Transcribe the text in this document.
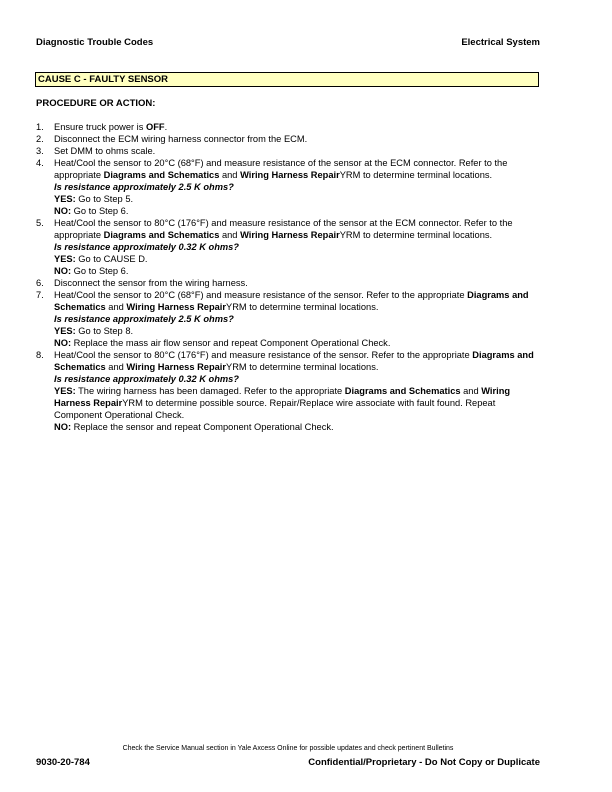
Diagnostic Trouble Codes	Electrical System
CAUSE C - FAULTY SENSOR
PROCEDURE OR ACTION:
1. Ensure truck power is OFF.
2. Disconnect the ECM wiring harness connector from the ECM.
3. Set DMM to ohms scale.
4. Heat/Cool the sensor to 20°C (68°F) and measure resistance of the sensor at the ECM connector. Refer to the appropriate Diagrams and Schematics and Wiring Harness RepairYRM to determine terminal locations.
Is resistance approximately 2.5 K ohms?
YES: Go to Step 5.
NO: Go to Step 6.
5. Heat/Cool the sensor to 80°C (176°F) and measure resistance of the sensor at the ECM connector. Refer to the appropriate Diagrams and Schematics and Wiring Harness RepairYRM to determine terminal locations.
Is resistance approximately 0.32 K ohms?
YES: Go to CAUSE D.
NO: Go to Step 6.
6. Disconnect the sensor from the wiring harness.
7. Heat/Cool the sensor to 20°C (68°F) and measure resistance of the sensor. Refer to the appropriate Diagrams and Schematics and Wiring Harness RepairYRM to determine terminal locations.
Is resistance approximately 2.5 K ohms?
YES: Go to Step 8.
NO: Replace the mass air flow sensor and repeat Component Operational Check.
8. Heat/Cool the sensor to 80°C (176°F) and measure resistance of the sensor. Refer to the appropriate Diagrams and Schematics and Wiring Harness RepairYRM to determine terminal locations.
Is resistance approximately 0.32 K ohms?
YES: The wiring harness has been damaged. Refer to the appropriate Diagrams and Schematics and Wiring Harness RepairYRM to determine possible source. Repair/Replace wire associate with fault found. Repeat Component Operational Check.
NO: Replace the sensor and repeat Component Operational Check.
Check the Service Manual section in Yale Axcess Online for possible updates and check pertinent Bulletins
9030-20-784	Confidential/Proprietary - Do Not Copy or Duplicate
